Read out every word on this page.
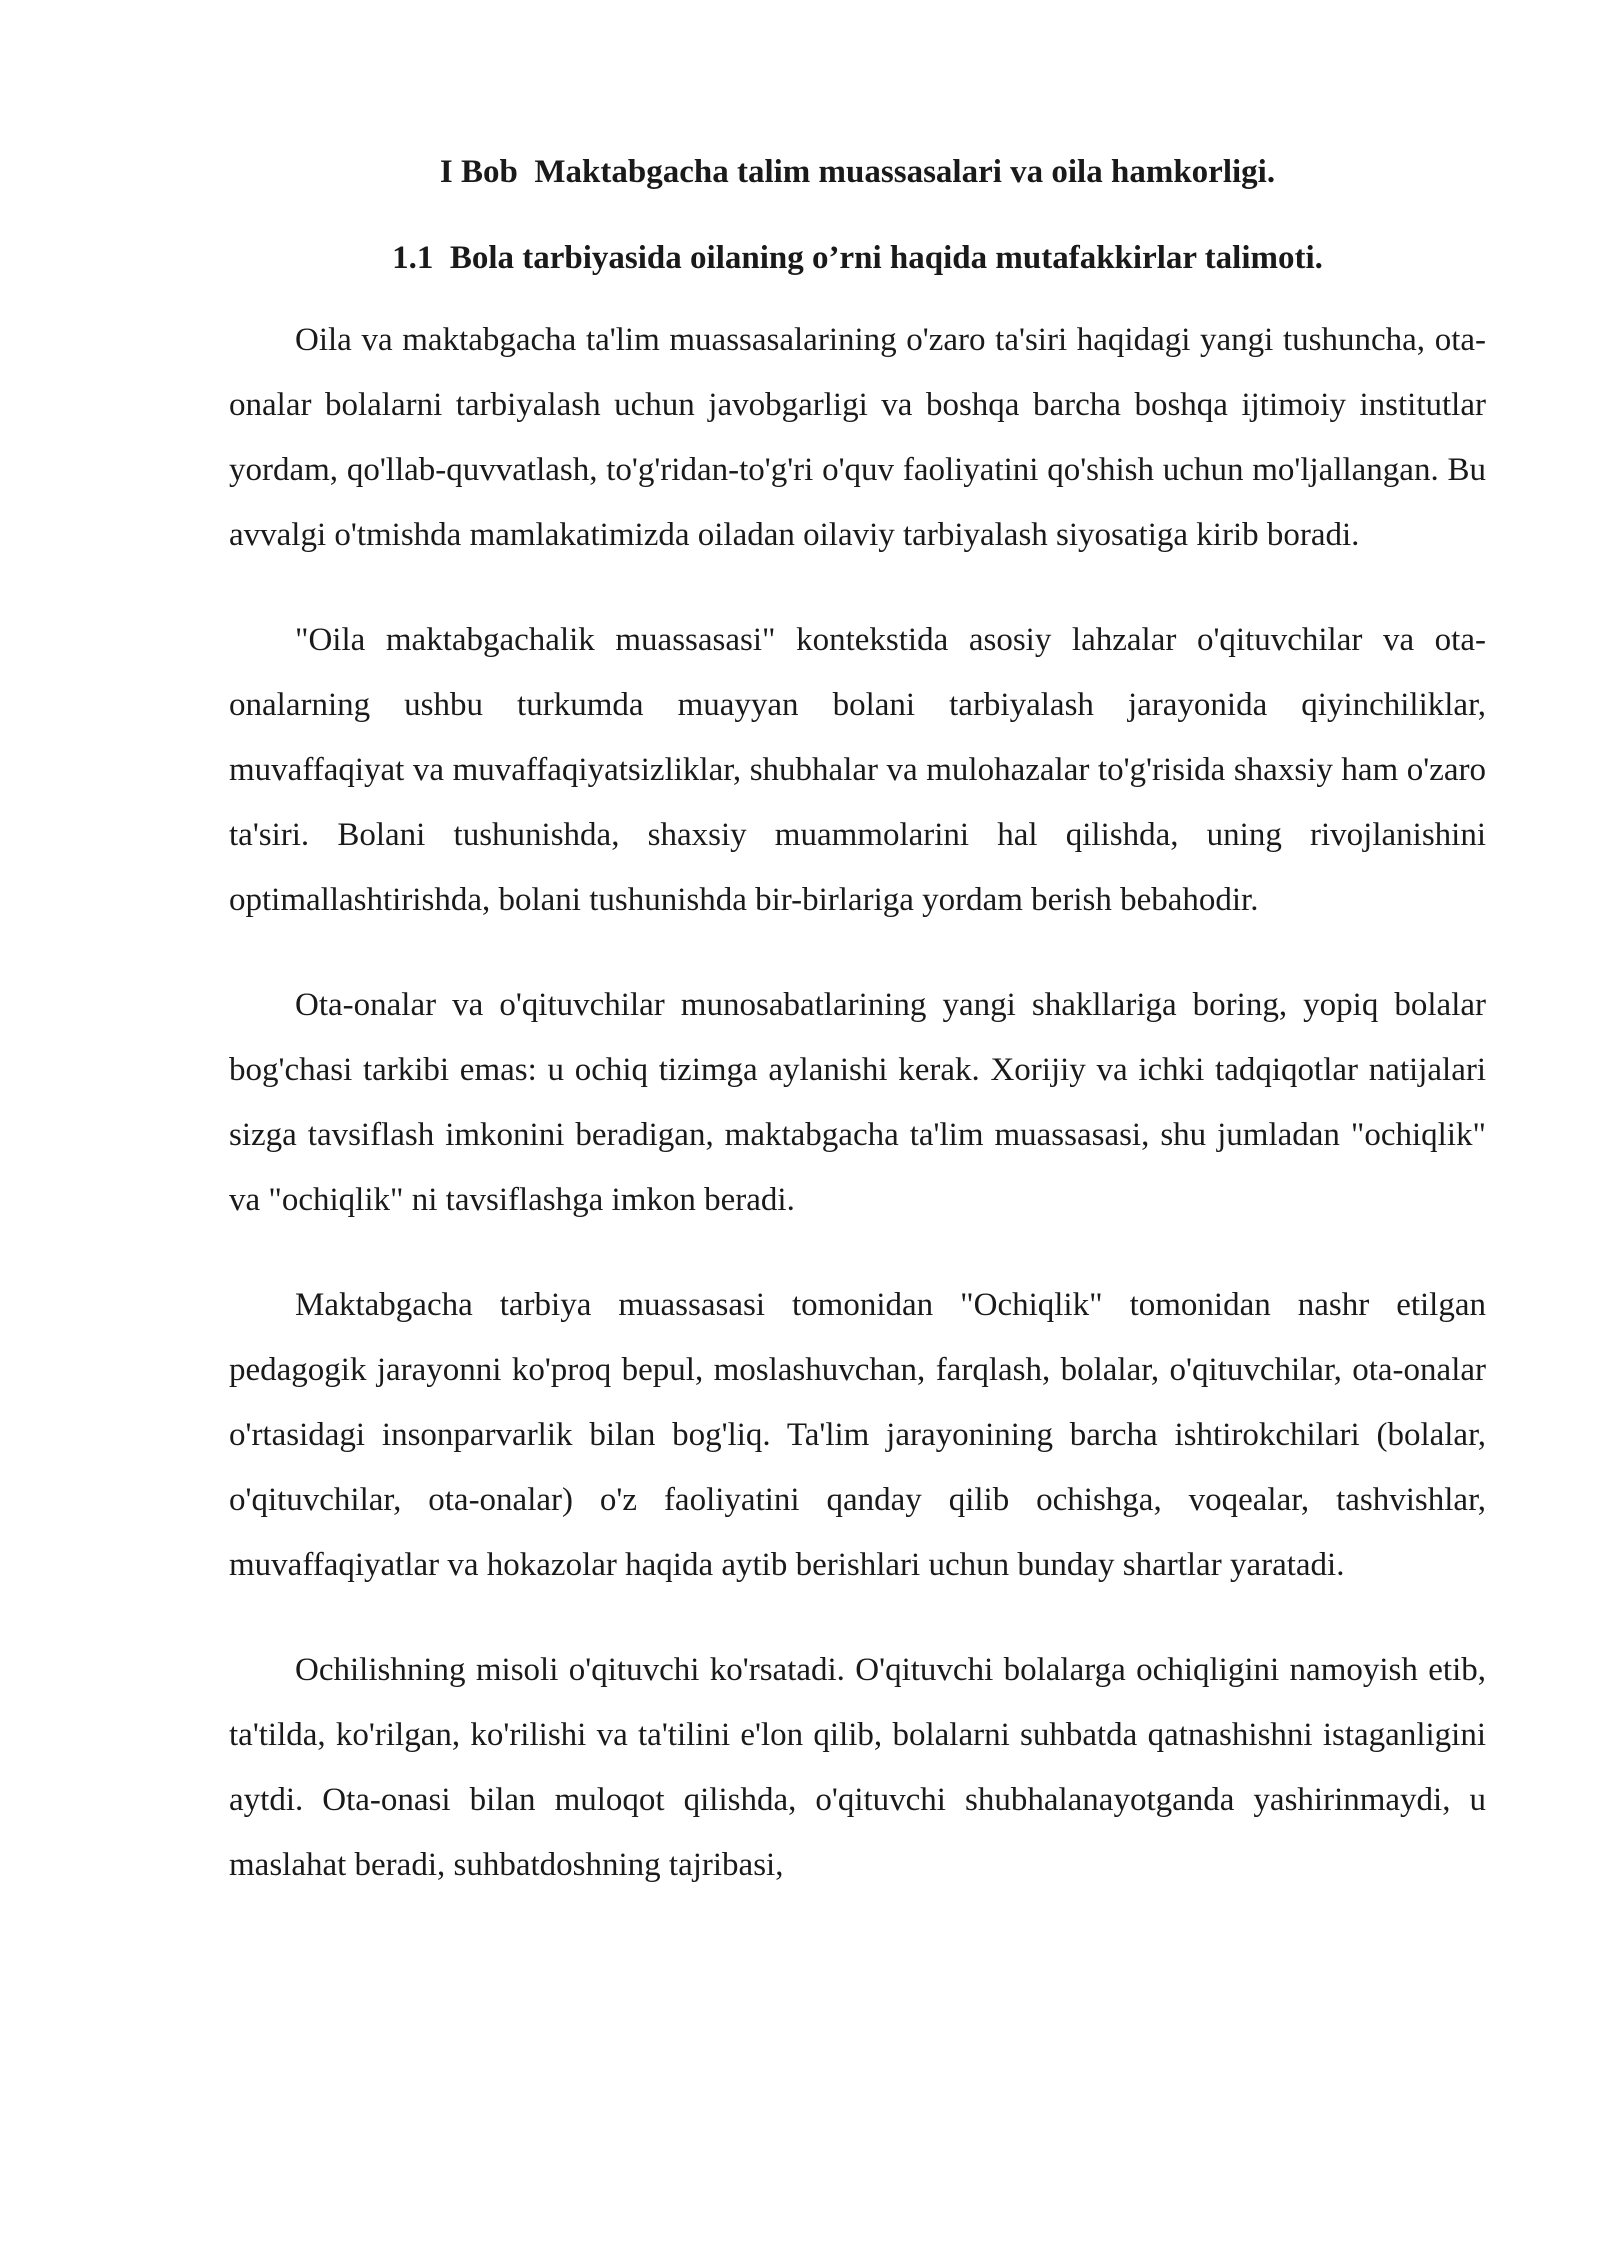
I Bob  Maktabgacha talim muassasalari va oila hamkorligi.
1.1  Bola tarbiyasida oilaning o’rni haqida mutafakkirlar talimoti.

Oila va maktabgacha ta'lim muassasalarining o'zaro ta'siri haqidagi yangi tushuncha, ota-onalar bolalarni tarbiyalash uchun javobgarligi va boshqa barcha boshqa ijtimoiy institutlar yordam, qo'llab-quvvatlash, to'g'ridan-to'g'ri o'quv faoliyatini qo'shish uchun mo'ljallangan. Bu avvalgi o'tmishda mamlakatimizda oiladan oilaviy tarbiyalash siyosatiga kirib boradi.

"Oila maktabgachalik muassasasi" kontekstida asosiy lahzalar o'qituvchilar va ota-onalarning ushbu turkumda muayyan bolani tarbiyalash jarayonida qiyinchiliklar, muvaffaqiyat va muvaffaqiyatsizliklar, shubhalar va mulohazalar to'g'risida shaxsiy ham o'zaro ta'siri. Bolani tushunishda, shaxsiy muammolarini hal qilishda, uning rivojlanishini optimallashtirishda, bolani tushunishda bir-birlariga yordam berish bebahodir.

Ota-onalar va o'qituvchilar munosabatlarining yangi shakllariga boring, yopiq bolalar bog'chasi tarkibi emas: u ochiq tizimga aylanishi kerak. Xorijiy va ichki tadqiqotlar natijalari sizga tavsiflash imkonini beradigan, maktabgacha ta'lim muassasasi, shu jumladan "ochiqlik" va "ochiqlik" ni tavsiflashga imkon beradi.

Maktabgacha tarbiya muassasasi tomonidan "Ochiqlik" tomonidan nashr etilgan pedagogik jarayonni ko'proq bepul, moslashuvchan, farqlash, bolalar, o'qituvchilar, ota-onalar o'rtasidagi insonparvarlik bilan bog'liq. Ta'lim jarayonining barcha ishtirokchilari (bolalar, o'qituvchilar, ota-onalar) o'z faoliyatini qanday qilib ochishga, voqealar, tashvishlar, muvaffaqiyatlar va hokazolar haqida aytib berishlari uchun bunday shartlar yaratadi.

Ochilishning misoli o'qituvchi ko'rsatadi. O'qituvchi bolalarga ochiqligini namoyish etib, ta'tilda, ko'rilgan, ko'rilishi va ta'tilini e'lon qilib, bolalarni suhbatda qatnashishni istaganligini aytdi. Ota-onasi bilan muloqot qilishda, o'qituvchi shubhalanayotganda yashirinmaydi, u maslahat beradi, suhbatdoshning tajribasi,
